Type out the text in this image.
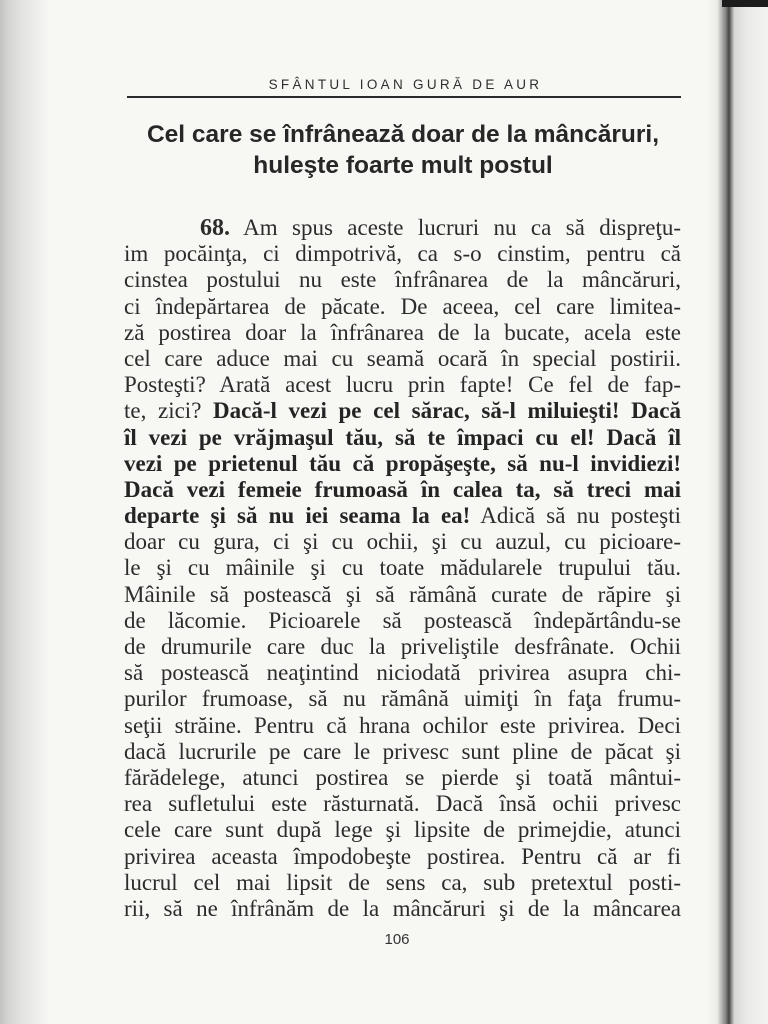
SFÂNTUL IOAN GURĂ DE AUR
Cel care se înfrânează doar de la mâncăruri,
huleşte foarte mult postul
68. Am spus aceste lucruri nu ca să dispreţu-
im pocăinţa, ci dimpotrivă, ca s-o cinstim, pentru că
cinstea postului nu este înfrânarea de la mâncăruri,
ci îndepărtarea de păcate. De aceea, cel care limitea-
ză postirea doar la înfrânarea de la bucate, acela este
cel care aduce mai cu seamă ocară în special postirii.
Posteşti? Arată acest lucru prin fapte! Ce fel de fap-
te, zici? Dacă-l vezi pe cel sărac, să-l miluieşti! Dacă
îl vezi pe vrăjmaşul tău, să te împaci cu el! Dacă îl
vezi pe prietenul tău că propăşeşte, să nu-l invidiezi!
Dacă vezi femeie frumoasă în calea ta, să treci mai
departe şi să nu iei seama la ea! Adică să nu posteşti
doar cu gura, ci şi cu ochii, şi cu auzul, cu picioare-
le şi cu mâinile şi cu toate mădularele trupului tău.
Mâinile să postească şi să rămână curate de răpire şi
de lăcomie. Picioarele să postească îndepărtându-se
de drumurile care duc la priveliştile desfrânate. Ochii
să postească neaţintind niciodată privirea asupra chi-
purilor frumoase, să nu rămână uimiţi în faţa frumu-
seţii străine. Pentru că hrana ochilor este privirea. Deci
dacă lucrurile pe care le privesc sunt pline de păcat şi
fărădelege, atunci postirea se pierde şi toată mântui-
rea sufletului este răsturnată. Dacă însă ochii privesc
cele care sunt după lege şi lipsite de primejdie, atunci
privirea aceasta împodobeşte postirea. Pentru că ar fi
lucrul cel mai lipsit de sens ca, sub pretextul posti-
rii, să ne înfrânăm de la mâncăruri şi de la mâncarea
106
